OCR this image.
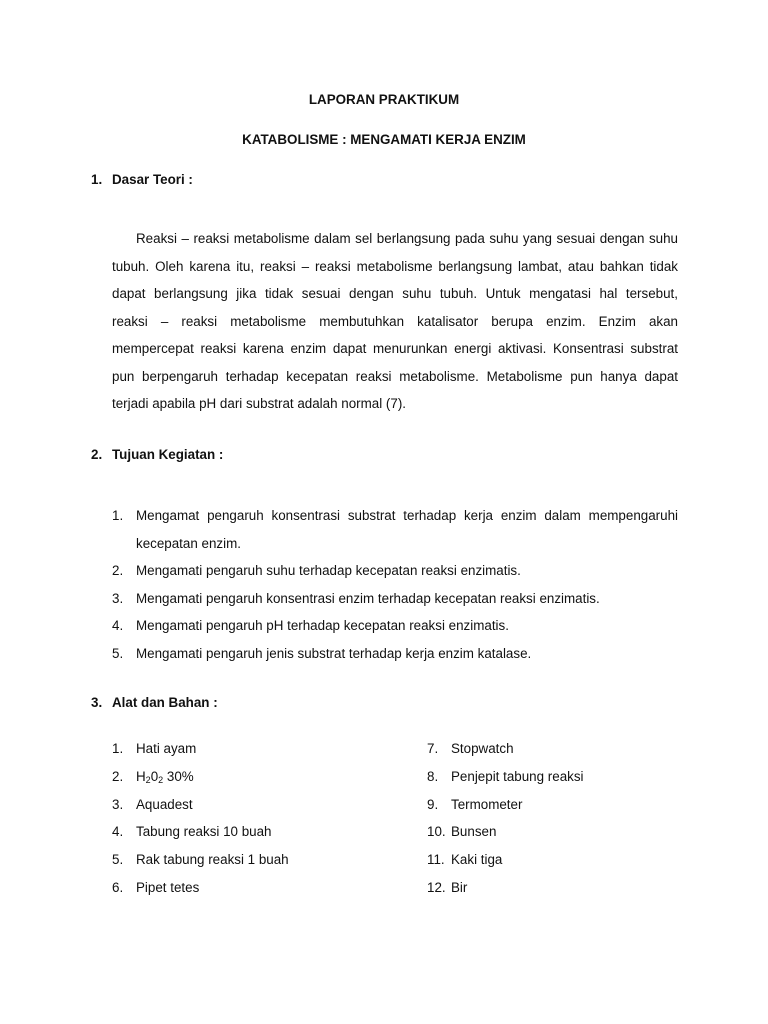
LAPORAN PRAKTIKUM
KATABOLISME : MENGAMATI KERJA ENZIM
1. Dasar Teori :
Reaksi – reaksi metabolisme dalam sel berlangsung pada suhu yang sesuai dengan suhu
tubuh. Oleh karena itu, reaksi – reaksi metabolisme berlangsung lambat, atau bahkan tidak
dapat berlangsung jika tidak sesuai dengan suhu tubuh. Untuk mengatasi hal tersebut,
reaksi – reaksi metabolisme membutuhkan katalisator berupa enzim. Enzim akan
mempercepat reaksi karena enzim dapat menurunkan energi aktivasi. Konsentrasi substrat
pun berpengaruh terhadap kecepatan reaksi metabolisme. Metabolisme pun hanya dapat
terjadi apabila pH dari substrat adalah normal (7).
2. Tujuan Kegiatan :
1. Mengamat pengaruh konsentrasi substrat terhadap kerja enzim dalam mempengaruhi
kecepatan enzim.
2. Mengamati pengaruh suhu terhadap kecepatan reaksi enzimatis.
3. Mengamati pengaruh konsentrasi enzim terhadap kecepatan reaksi enzimatis.
4. Mengamati pengaruh pH terhadap kecepatan reaksi enzimatis.
5. Mengamati pengaruh jenis substrat terhadap kerja enzim katalase.
3. Alat dan Bahan :
1. Hati ayam
2. $H_20_2$ 30%
3. Aquadest
4. Tabung reaksi 10 buah
5. Rak tabung reaksi 1 buah
6. Pipet tetes
7. Stopwatch
8. Penjepit tabung reaksi
9. Termometer
10. Bunsen
11. Kaki tiga
12. Bir
